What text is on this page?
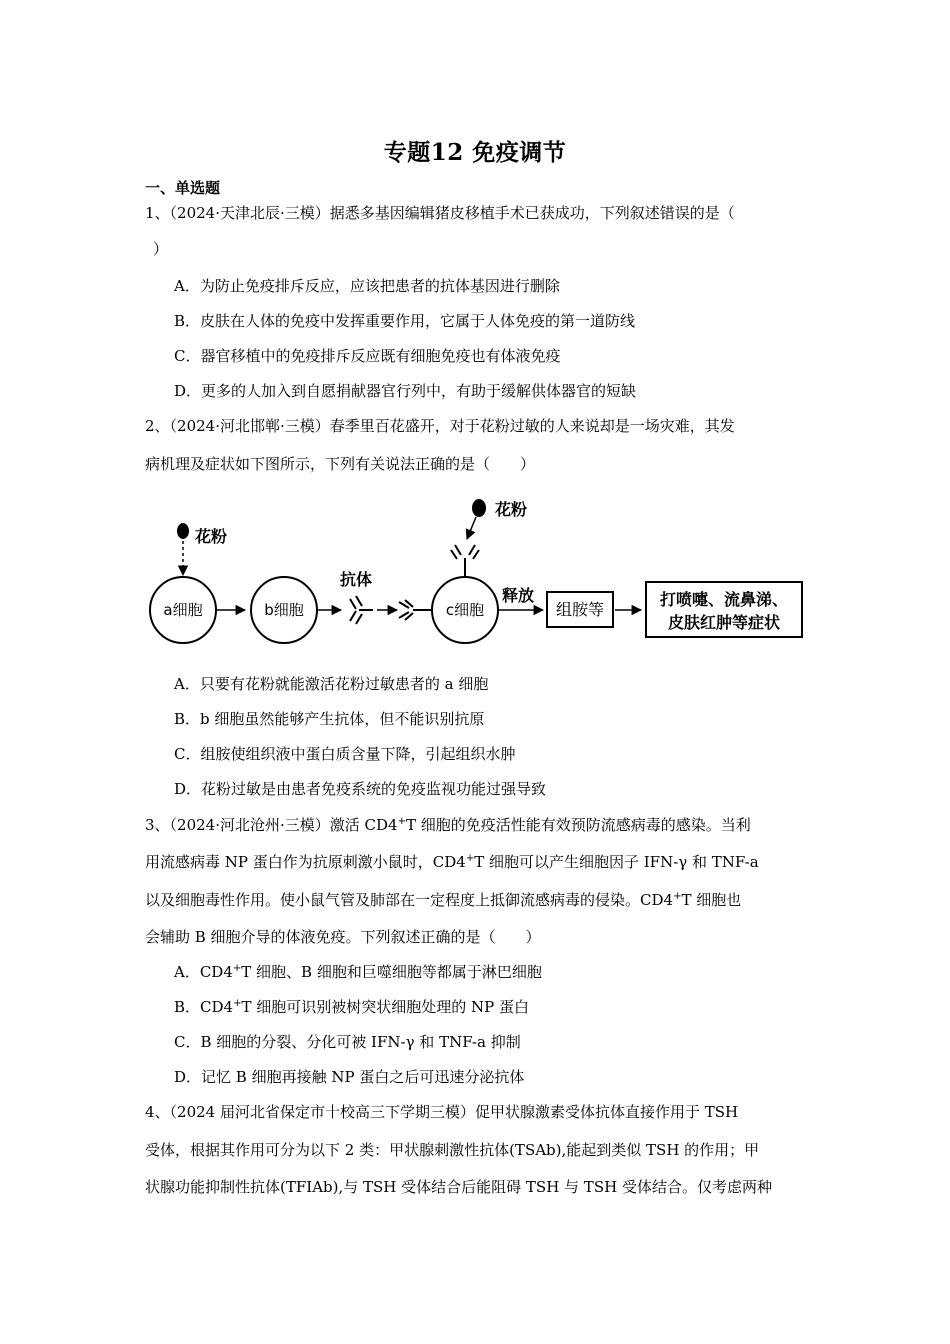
专题12 免疫调节
一、单选题
1、（2024·天津北辰·三模）据悉多基因编辑猪皮移植手术已获成功，下列叙述错误的是（
）
A．为防止免疫排斥反应，应该把患者的抗体基因进行删除
B．皮肤在人体的免疫中发挥重要作用，它属于人体免疫的第一道防线
C．器官移植中的免疫排斥反应既有细胞免疫也有体液免疫
D．更多的人加入到自愿捐献器官行列中，有助于缓解供体器官的短缺
2、（2024·河北邯郸·三模）春季里百花盛开，对于花粉过敏的人来说却是一场灾难，其发
病机理及症状如下图所示，下列有关说法正确的是（　　）
花粉
a细胞	b细胞
抗体
花粉
c细胞
释放
组胺等
打喷嚏、流鼻涕、
皮肤红肿等症状
A．只要有花粉就能激活花粉过敏患者的 a 细胞
B．b 细胞虽然能够产生抗体，但不能识别抗原
C．组胺使组织液中蛋白质含量下降，引起组织水肿
D．花粉过敏是由患者免疫系统的免疫监视功能过强导致
3、（2024·河北沧州·三模）激活 CD4+T 细胞的免疫活性能有效预防流感病毒的感染。当利
用流感病毒 NP 蛋白作为抗原刺激小鼠时，CD4+T 细胞可以产生细胞因子 IFN-γ 和 TNF-a
以及细胞毒性作用。使小鼠气管及肺部在一定程度上抵御流感病毒的侵染。CD4+T 细胞也
会辅助 B 细胞介导的体液免疫。下列叙述正确的是（　　）
A．CD4+T 细胞、B 细胞和巨噬细胞等都属于淋巴细胞
B．CD4+T 细胞可识别被树突状细胞处理的 NP 蛋白
C．B 细胞的分裂、分化可被 IFN-γ 和 TNF-a 抑制
D．记忆 B 细胞再接触 NP 蛋白之后可迅速分泌抗体
4、（2024 届河北省保定市十校高三下学期三模）促甲状腺激素受体抗体直接作用于 TSH
受体，根据其作用可分为以下 2 类：甲状腺刺激性抗体(TSAb),能起到类似 TSH 的作用；甲
状腺功能抑制性抗体(TFIAb),与 TSH 受体结合后能阻碍 TSH 与 TSH 受体结合。仅考虑两种
